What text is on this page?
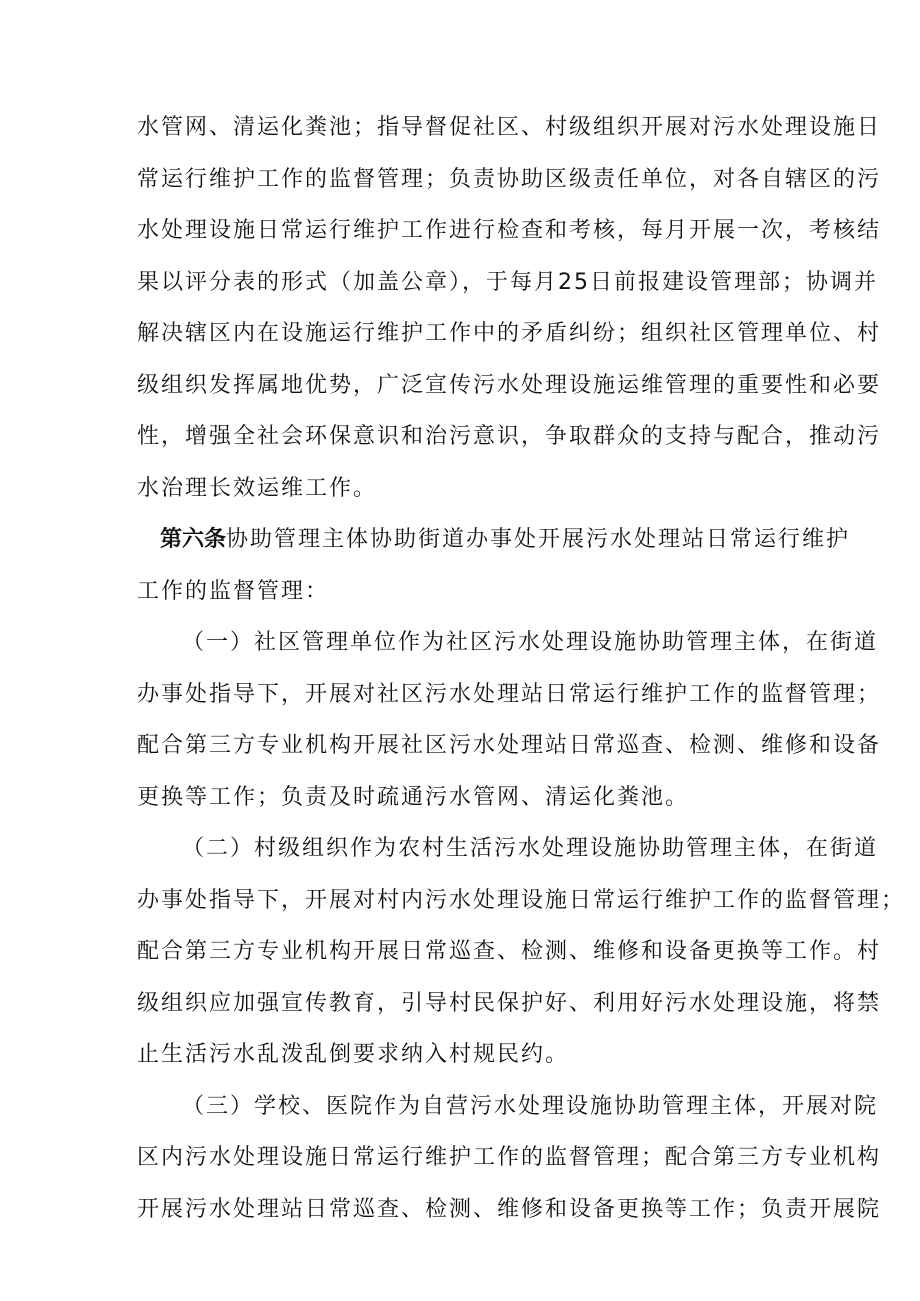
水管网、清运化粪池；指导督促社区、村级组织开展对污水处理设施日
常运行维护工作的监督管理；负责协助区级责任单位，对各自辖区的污
水处理设施日常运行维护工作进行检查和考核，每月开展一次，考核结
果以评分表的形式（加盖公章），于每月25日前报建设管理部；协调并
解决辖区内在设施运行维护工作中的矛盾纠纷；组织社区管理单位、村
级组织发挥属地优势，广泛宣传污水处理设施运维管理的重要性和必要
性，增强全社会环保意识和治污意识，争取群众的支持与配合，推动污
水治理长效运维工作。
第六条协助管理主体协助街道办事处开展污水处理站日常运行维护
工作的监督管理：
（一）社区管理单位作为社区污水处理设施协助管理主体，在街道
办事处指导下，开展对社区污水处理站日常运行维护工作的监督管理；
配合第三方专业机构开展社区污水处理站日常巡查、检测、维修和设备
更换等工作；负责及时疏通污水管网、清运化粪池。
（二）村级组织作为农村生活污水处理设施协助管理主体，在街道
办事处指导下，开展对村内污水处理设施日常运行维护工作的监督管理；
配合第三方专业机构开展日常巡查、检测、维修和设备更换等工作。村
级组织应加强宣传教育，引导村民保护好、利用好污水处理设施，将禁
止生活污水乱泼乱倒要求纳入村规民约。
（三）学校、医院作为自营污水处理设施协助管理主体，开展对院
区内污水处理设施日常运行维护工作的监督管理；配合第三方专业机构
开展污水处理站日常巡查、检测、维修和设备更换等工作；负责开展院
